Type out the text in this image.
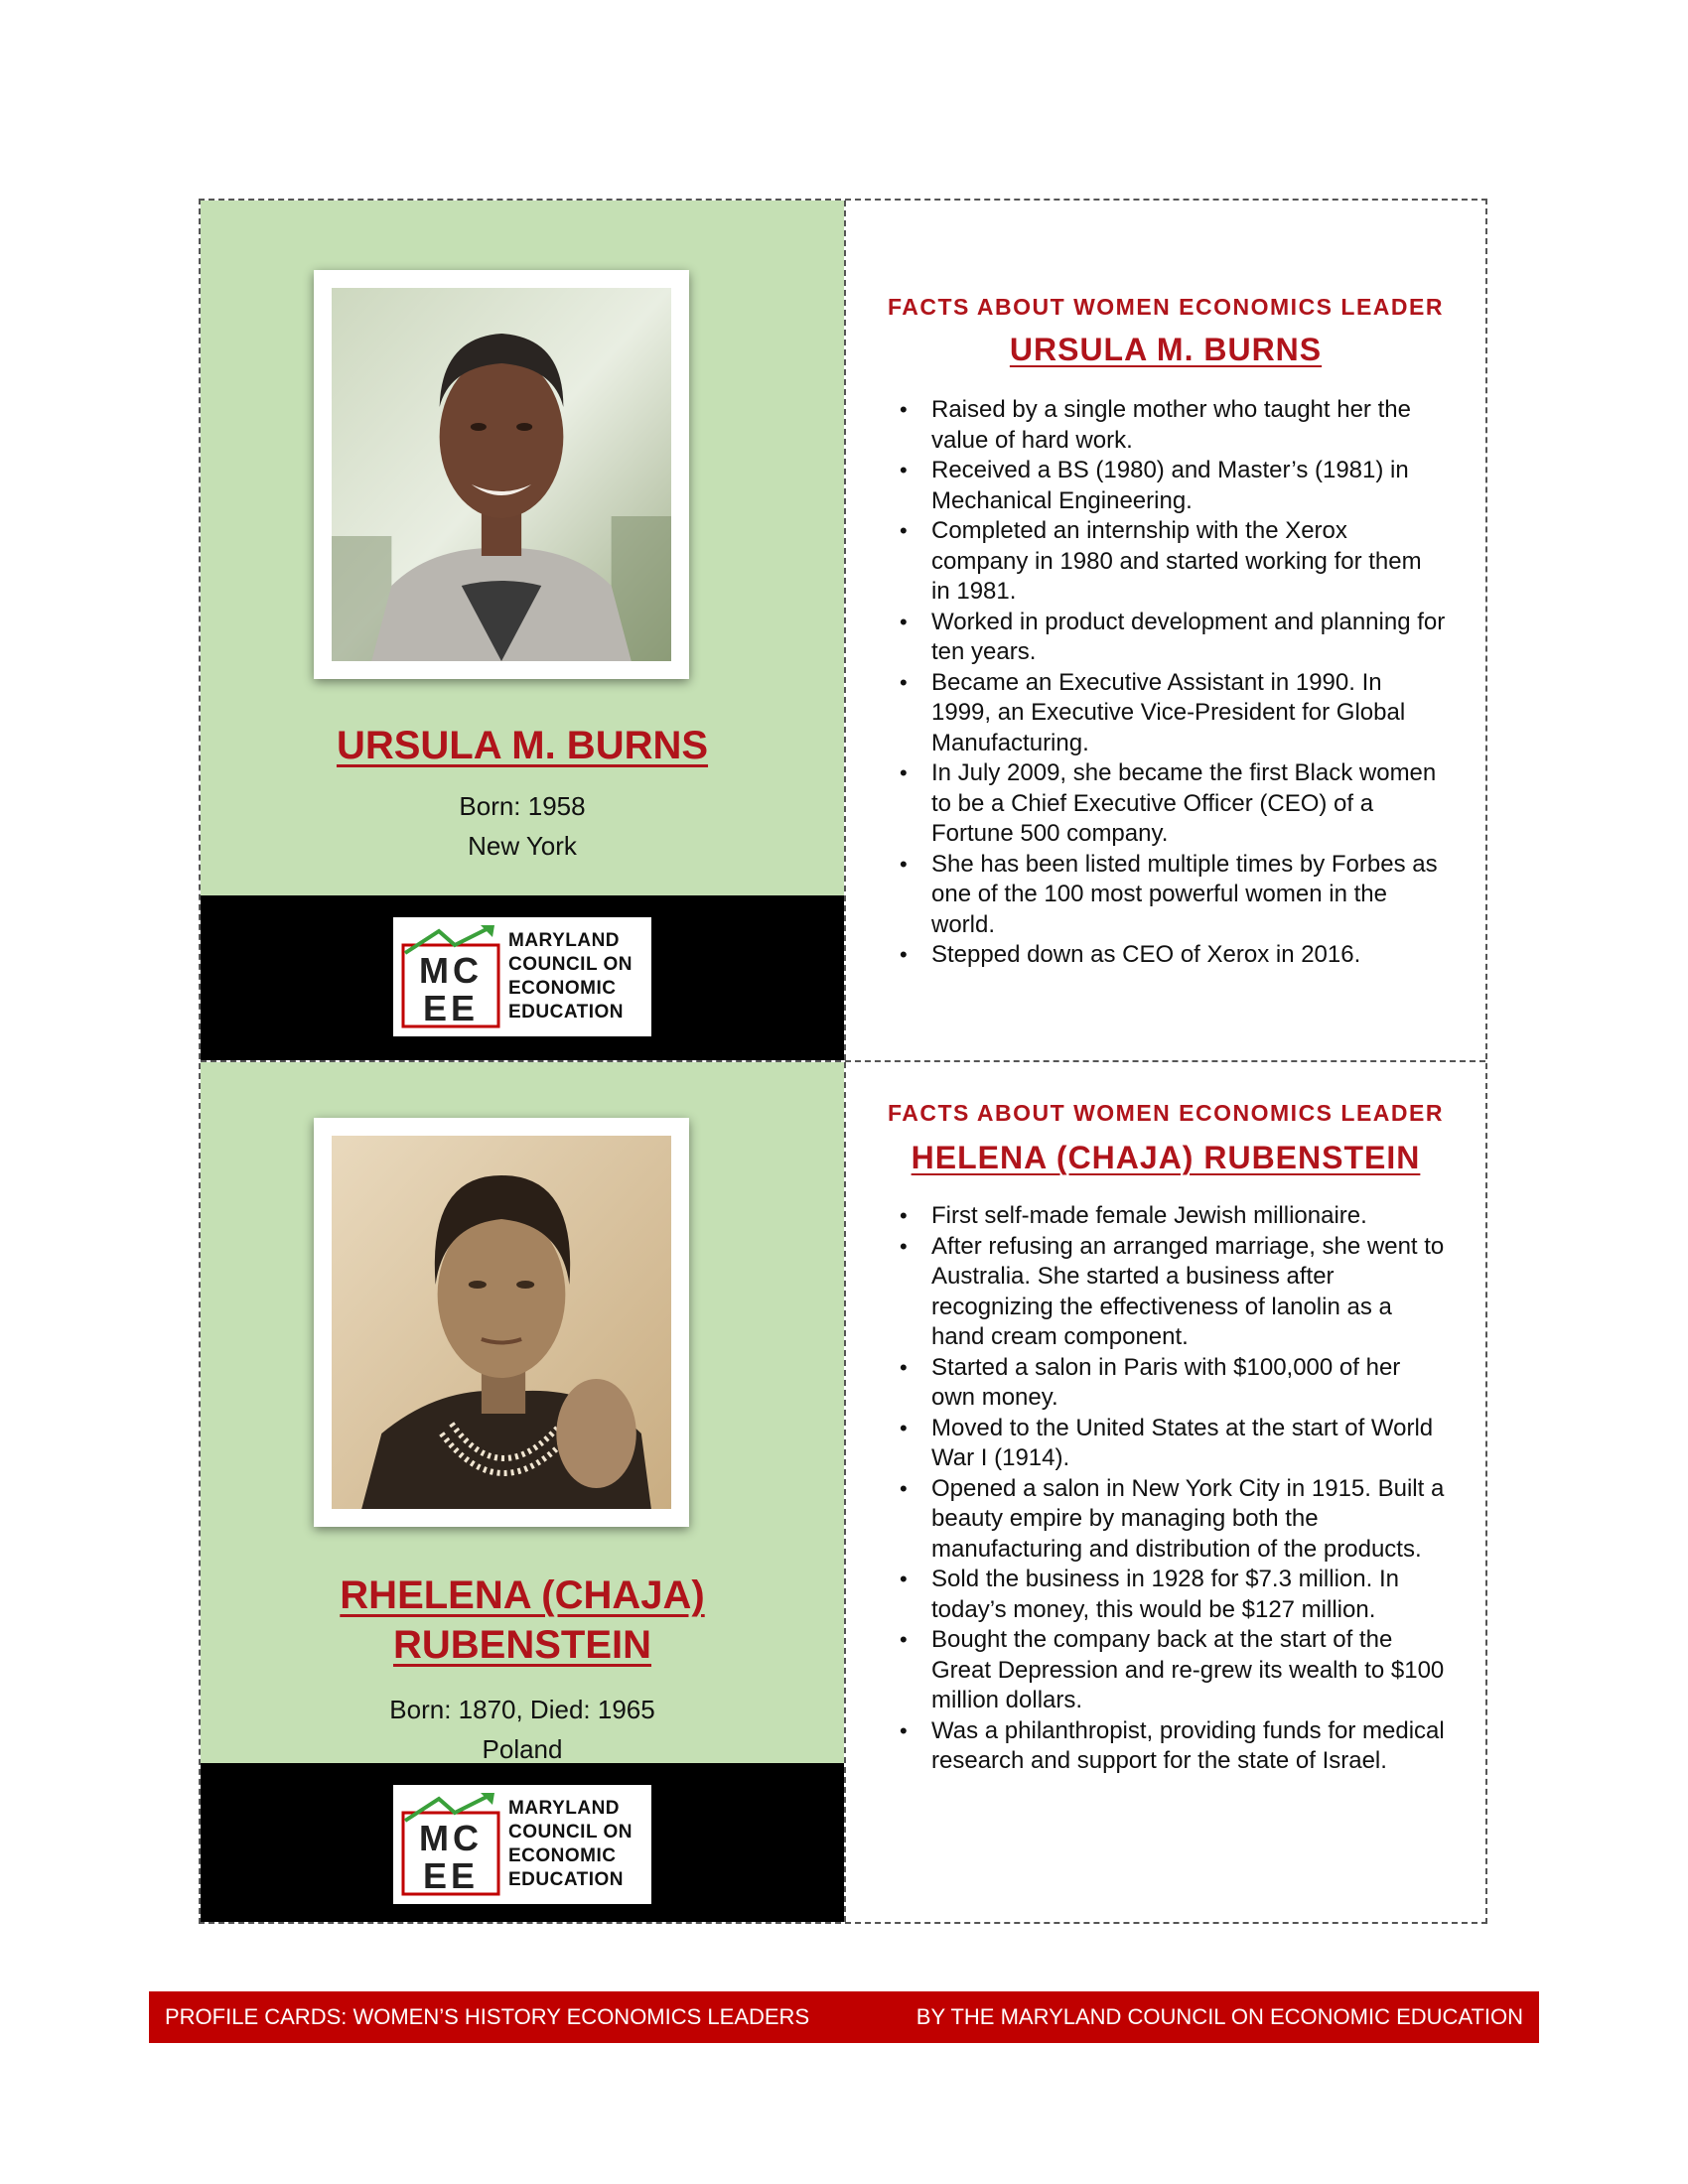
URSULA M. BURNS
Born: 1958
New York
MC
EE
MARYLAND
COUNCIL ON
ECONOMIC
EDUCATION
FACTS ABOUT WOMEN ECONOMICS LEADER
URSULA M. BURNS
• Raised by a single mother who taught her the value of hard work.
• Received a BS (1980) and Master’s (1981) in Mechanical Engineering.
• Completed an internship with the Xerox company in 1980 and started working for them in 1981.
• Worked in product development and planning for ten years.
• Became an Executive Assistant in 1990. In 1999, an Executive Vice-President for Global Manufacturing.
• In July 2009, she became the first Black women to be a Chief Executive Officer (CEO) of a Fortune 500 company.
• She has been listed multiple times by Forbes as one of the 100 most powerful women in the world.
• Stepped down as CEO of Xerox in 2016.
RHELENA (CHAJA)
RUBENSTEIN
Born: 1870, Died: 1965
Poland
MC
EE
MARYLAND
COUNCIL ON
ECONOMIC
EDUCATION
FACTS ABOUT WOMEN ECONOMICS LEADER
HELENA (CHAJA) RUBENSTEIN
• First self-made female Jewish millionaire.
• After refusing an arranged marriage, she went to Australia. She started a business after recognizing the effectiveness of lanolin as a hand cream component.
• Started a salon in Paris with $100,000 of her own money.
• Moved to the United States at the start of World War I (1914).
• Opened a salon in New York City in 1915. Built a beauty empire by managing both the manufacturing and distribution of the products.
• Sold the business in 1928 for $7.3 million. In today’s money, this would be $127 million.
• Bought the company back at the start of the Great Depression and re-grew its wealth to $100 million dollars.
• Was a philanthropist, providing funds for medical research and support for the state of Israel.
PROFILE CARDS: WOMEN’S HISTORY ECONOMICS LEADERS	BY THE MARYLAND COUNCIL ON ECONOMIC EDUCATION
